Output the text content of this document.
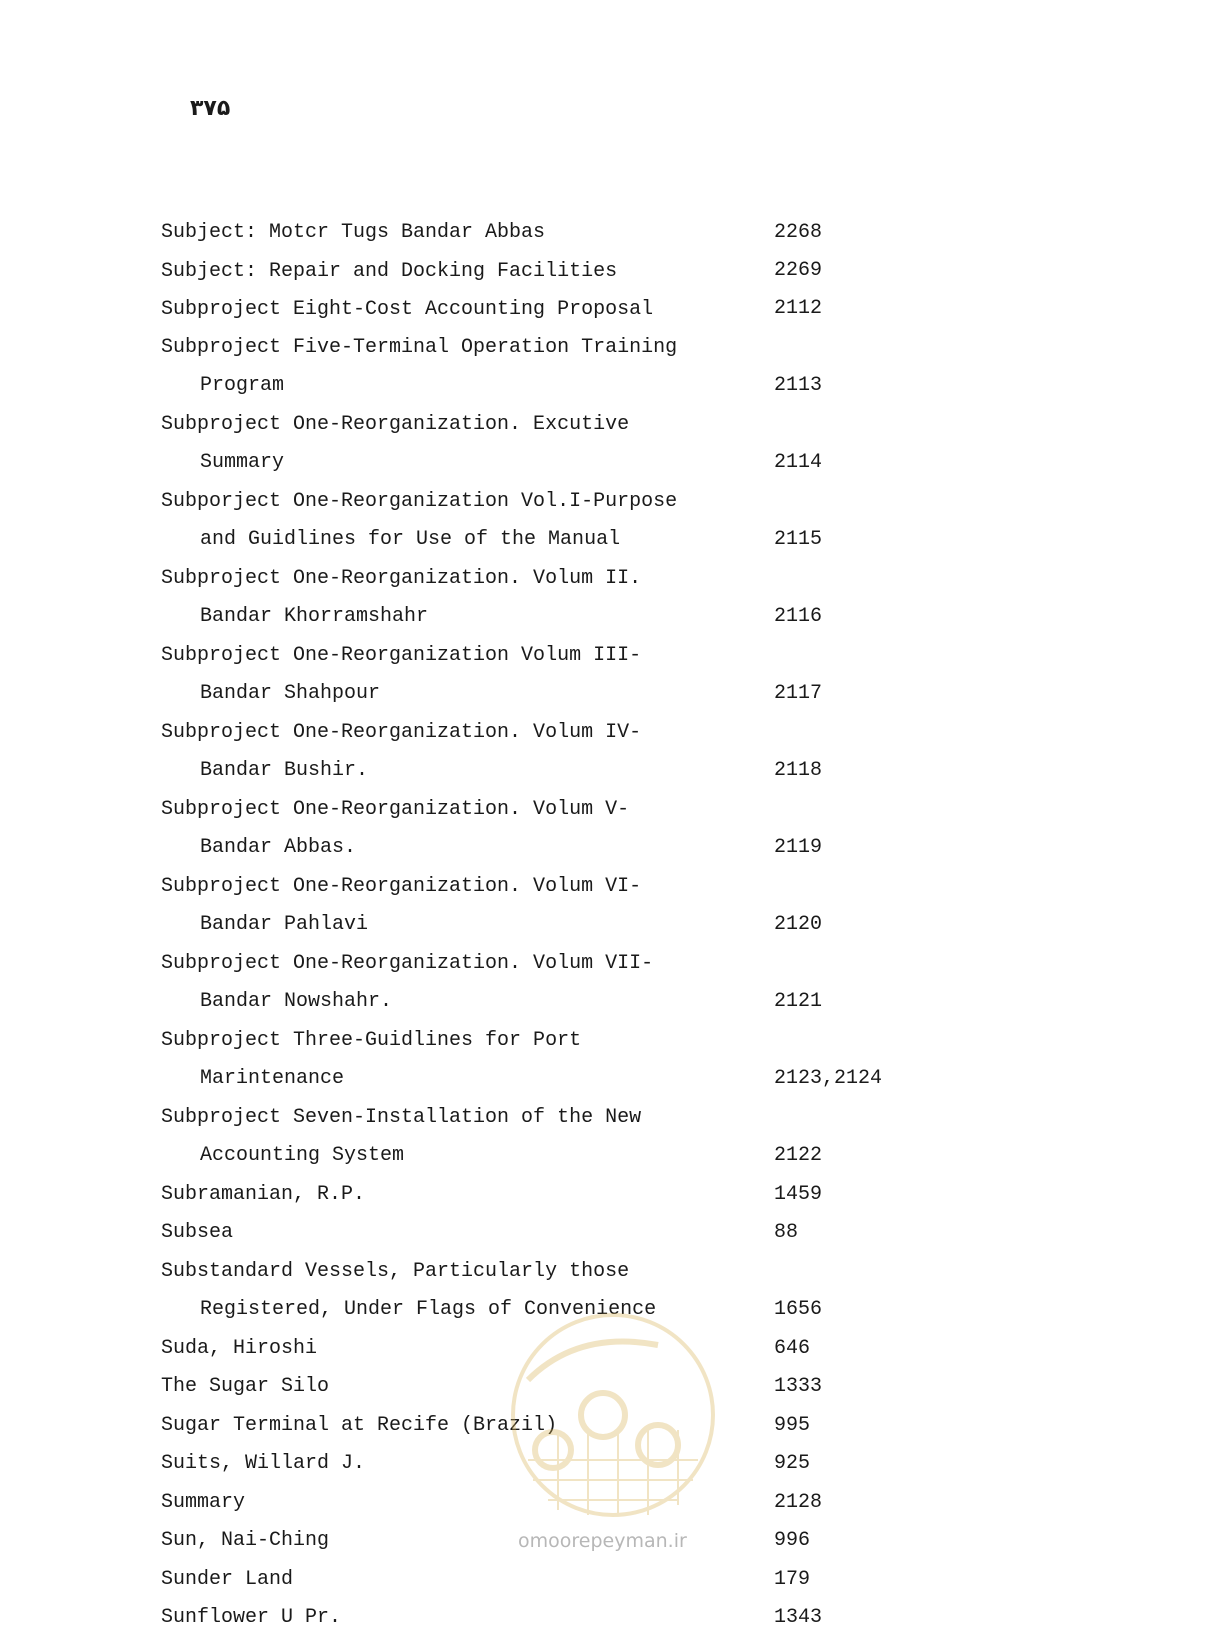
۳۷۵
Subject: Motcr Tugs Bandar Abbas	2268
Subject: Repair and Docking Facilities	2269
Subproject Eight-Cost Accounting Proposal	2112
Subproject Five-Terminal Operation Training
Program	2113
Subproject One-Reorganization. Excutive
Summary	2114
Subporject One-Reorganization Vol.I-Purpose
and Guidlines for Use of the Manual	2115
Subproject One-Reorganization. Volum II.
Bandar Khorramshahr	2116
Subproject One-Reorganization Volum III-
Bandar Shahpour	2117
Subproject One-Reorganization. Volum IV-
Bandar Bushir.	2118
Subproject One-Reorganization. Volum V-
Bandar Abbas.	2119
Subproject One-Reorganization. Volum VI-
Bandar Pahlavi	2120
Subproject One-Reorganization. Volum VII-
Bandar Nowshahr.	2121
Subproject Three-Guidlines for Port
Marintenance	2123,2124
Subproject Seven-Installation of the New
Accounting System	2122
Subramanian, R.P.	1459
Subsea	88
Substandard Vessels, Particularly those
Registered, Under Flags of Convenience	1656
Suda, Hiroshi	646
The Sugar Silo	1333
Sugar Terminal at Recife (Brazil)	995
Suits, Willard J.	925
Summary	2128
Sun, Nai-Ching	996
Sunder Land	179
Sunflower U Pr.	1343
omoorepeyman.ir
